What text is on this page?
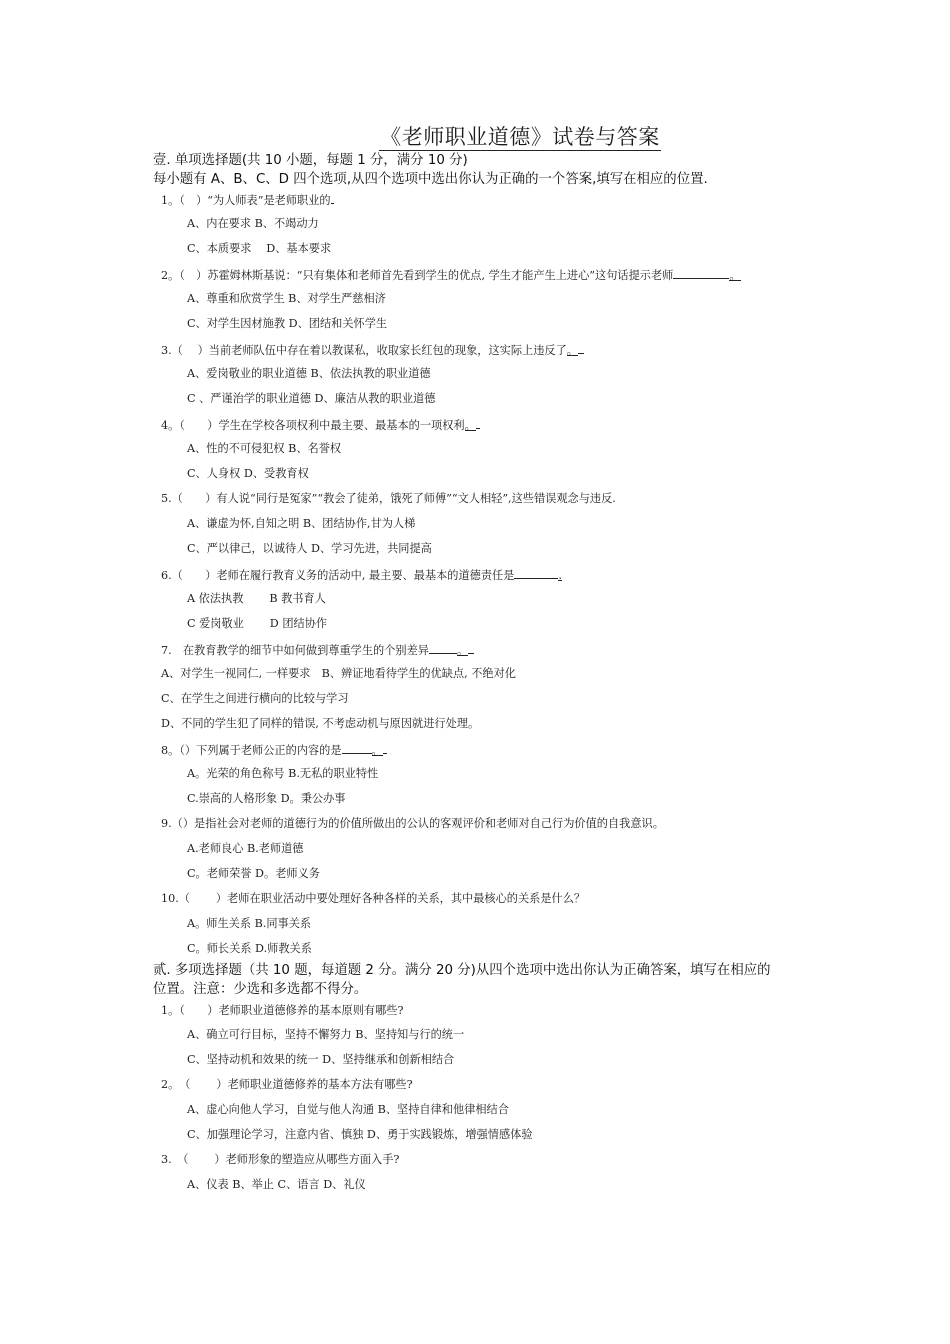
《老师职业道德》试卷与答案
壹. 单项选择题(共 10 小题，每题 1 分，满分 10 分)
每小题有 A、B、C、D 四个选项,从四个选项中选出你认为正确的一个答案,填写在相应的位置.
1。（　）“为人师表”是老师职业的
A、内在要求 B、不竭动力
C、本质要求　 D、基本要求
2。（　）苏霍姆林斯基说：“只有集体和老师首先看到学生的优点, 学生才能产生上进心”这句话提示老师	。
A、尊重和欣赏学生 B、对学生严慈相济
C、对学生因材施教 D、团结和关怀学生
3.（　 ）当前老师队伍中存在着以教谋私，收取家长红包的现象，这实际上违反了。
A、爱岗敬业的职业道德 B、依法执教的职业道德
C 、严谨治学的职业道德 D、廉洁从教的职业道德
4。（　　）学生在学校各项权利中最主要、最基本的一项权利。
A、性的不可侵犯权 B、名誉权
C、人身权 D、受教育权
5.（　　）有人说“同行是冤家”“教会了徒弟，饿死了师傅”“文人相轻”,这些错误观念与违反.
A、谦虚为怀,自知之明 B、团结协作,甘为人梯
C、严以律己，以诚待人 D、学习先进，共同提高
6.（　　）老师在履行教育义务的活动中, 最主要、最基本的道德责任是	.
A 依法执教　　 B 教书育人
C 爱岗敬业　　 D 团结协作
7.　在教育教学的细节中如何做到尊重学生的个别差异	。
A、对学生一视同仁, 一样要求　B、辨证地看待学生的优缺点, 不绝对化
C、在学生之间进行横向的比较与学习
D、不同的学生犯了同样的错误, 不考虑动机与原因就进行处理。
8。（）下列属于老师公正的内容的是	。
A。光荣的角色称号 B.无私的职业特性
C.崇高的人格形象 D。秉公办事
9.（）是指社会对老师的道德行为的价值所做出的公认的客观评价和老师对自己行为价值的自我意识。
A.老师良心 B.老师道德
C。老师荣誉 D。老师义务
10.（　　 ）老师在职业活动中要处理好各种各样的关系，其中最核心的关系是什么？
A。师生关系 B.同事关系
C。师长关系 D.师教关系
贰. 多项选择题（共 10 题，每道题 2 分。满分 20 分)从四个选项中选出你认为正确答案，填写在相应的
位置。注意：少选和多选都不得分。
1。（　　）老师职业道德修养的基本原则有哪些?
A、确立可行目标，坚持不懈努力 B、坚持知与行的统一
C、坚持动机和效果的统一 D、坚持继承和创新相结合
2。　（　　 ）老师职业道德修养的基本方法有哪些?
A、虚心向他人学习，自觉与他人沟通 B、坚持自律和他律相结合
C、加强理论学习，注意内省、慎独 D、勇于实践锻炼，增强情感体验
3.　（　　 ）老师形象的塑造应从哪些方面入手?
A、仪表 B、举止 C、语言 D、礼仪
